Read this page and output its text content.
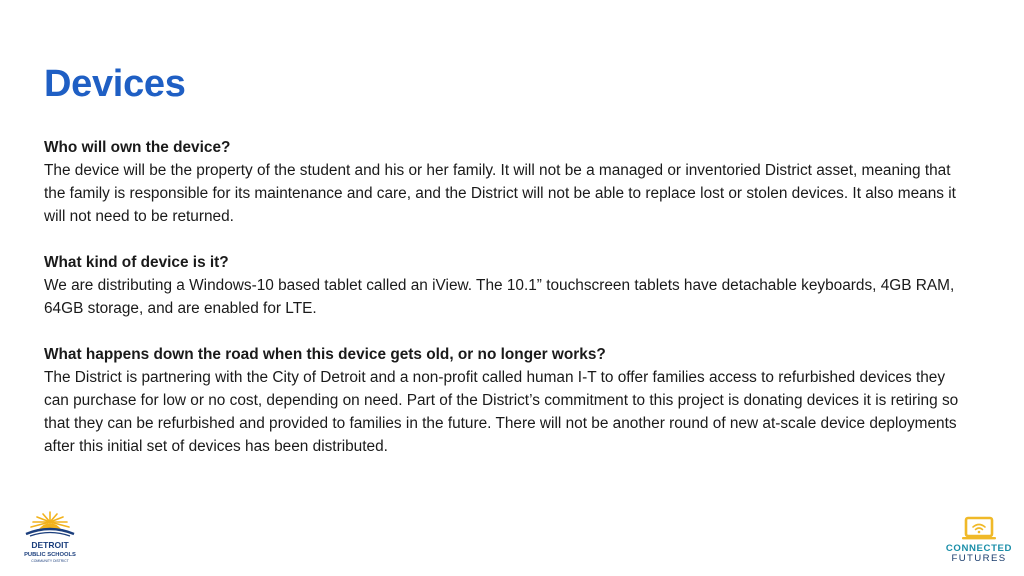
Devices

Who will own the device?
The device will be the property of the student and his or her family. It will not be a managed or inventoried District asset, meaning that the family is responsible for its maintenance and care, and the District will not be able to replace lost or stolen devices. It also means it will not need to be returned.

What kind of device is it?
We are distributing a Windows-10 based tablet called an iView. The 10.1” touchscreen tablets have detachable keyboards, 4GB RAM, 64GB storage, and are enabled for LTE.

What happens down the road when this device gets old, or no longer works?
The District is partnering with the City of Detroit and a non-profit called human I-T to offer families access to refurbished devices they can purchase for low or no cost, depending on need. Part of the District’s commitment to this project is donating devices it is retiring so that they can be refurbished and provided to families in the future. There will not be another round of new at-scale device deployments after this initial set of devices has been distributed.

DETROIT
PUBLIC SCHOOLS
COMMUNITY DISTRICT
CONNECTED
FUTURES
